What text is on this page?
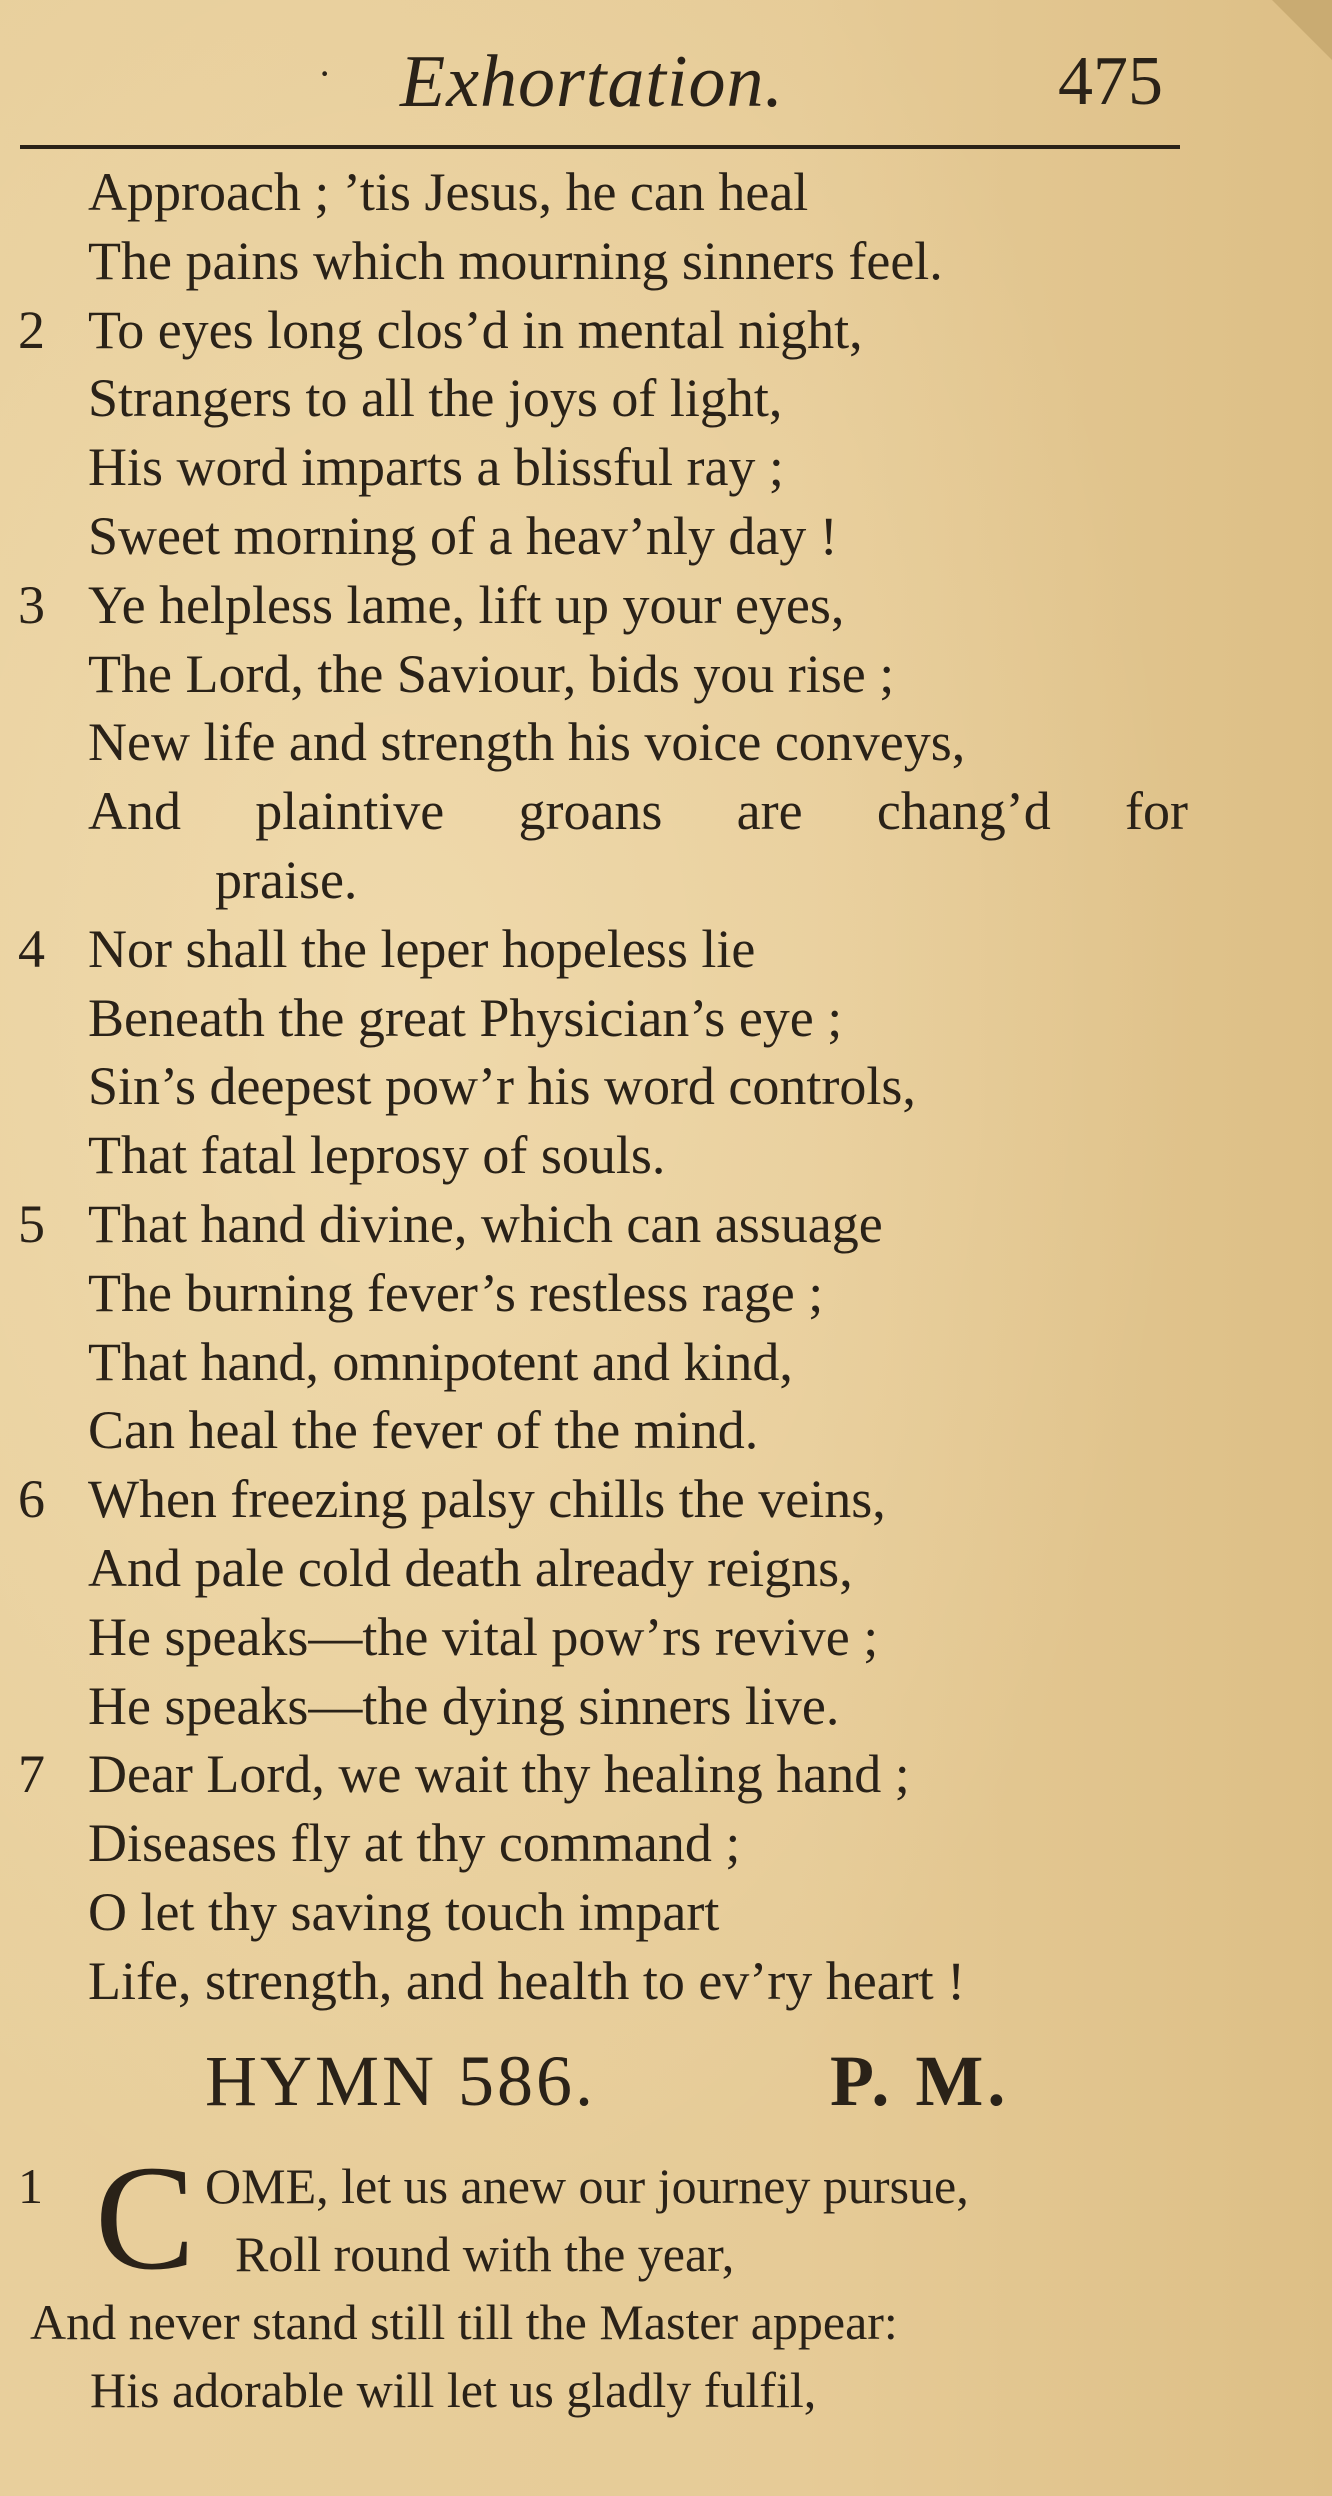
· Exhortation.	475
Approach ; ’tis Jesus, he can heal
The pains which mourning sinners feel.
2 To eyes long clos’d in mental night,
Strangers to all the joys of light,
His word imparts a blissful ray ;
Sweet morning of a heav’nly day !
3 Ye helpless lame, lift up your eyes,
The Lord, the Saviour, bids you rise ;
New life and strength his voice conveys,
And plaintive groans are chang’d for
praise.
4 Nor shall the leper hopeless lie
Beneath the great Physician’s eye ;
Sin’s deepest pow’r his word controls,
That fatal leprosy of souls.
5 That hand divine, which can assuage
The burning fever’s restless rage ;
That hand, omnipotent and kind,
Can heal the fever of the mind.
6 When freezing palsy chills the veins,
And pale cold death already reigns,
He speaks—the vital pow’rs revive ;
He speaks—the dying sinners live.
7 Dear Lord, we wait thy healing hand ;
Diseases fly at thy command ;
O let thy saving touch impart
Life, strength, and health to ev’ry heart !
HYMN 586.	P. M.
1 C OME, let us anew our journey pursue,
Roll round with the year,
And never stand still till the Master appear:
His adorable will let us gladly fulfil,
